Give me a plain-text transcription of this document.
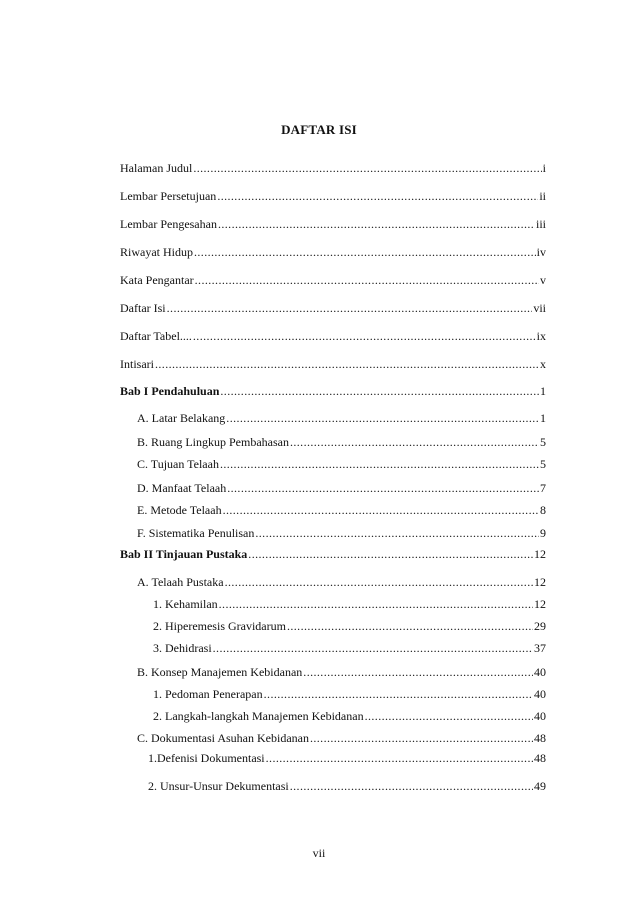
DAFTAR ISI
Halaman Judul .....	i
Lembar Persetujuan .....	ii
Lembar Pengesahan .....	iii
Riwayat Hidup .....	iv
Kata Pengantar .....	v
Daftar Isi .....	vii
Daftar Tabel.... .....	ix
Intisari .....	x
Bab I Pendahuluan .....	1
A. Latar Belakang .....	1
B. Ruang Lingkup Pembahasan .....	5
C. Tujuan Telaah .....	5
D. Manfaat Telaah .....	7
E. Metode Telaah .....	8
F. Sistematika Penulisan .....	9
Bab II Tinjauan Pustaka .....	12
A. Telaah Pustaka .....	12
1. Kehamilan .....	12
2. Hiperemesis Gravidarum .....	29
3. Dehidrasi .....	37
B. Konsep Manajemen Kebidanan .....	40
1. Pedoman Penerapan .....	40
2. Langkah-langkah Manajemen Kebidanan .....	40
C. Dokumentasi Asuhan Kebidanan .....	48
1.Defenisi Dokumentasi .....	48
2. Unsur-Unsur Dekumentasi .....	49
vii
